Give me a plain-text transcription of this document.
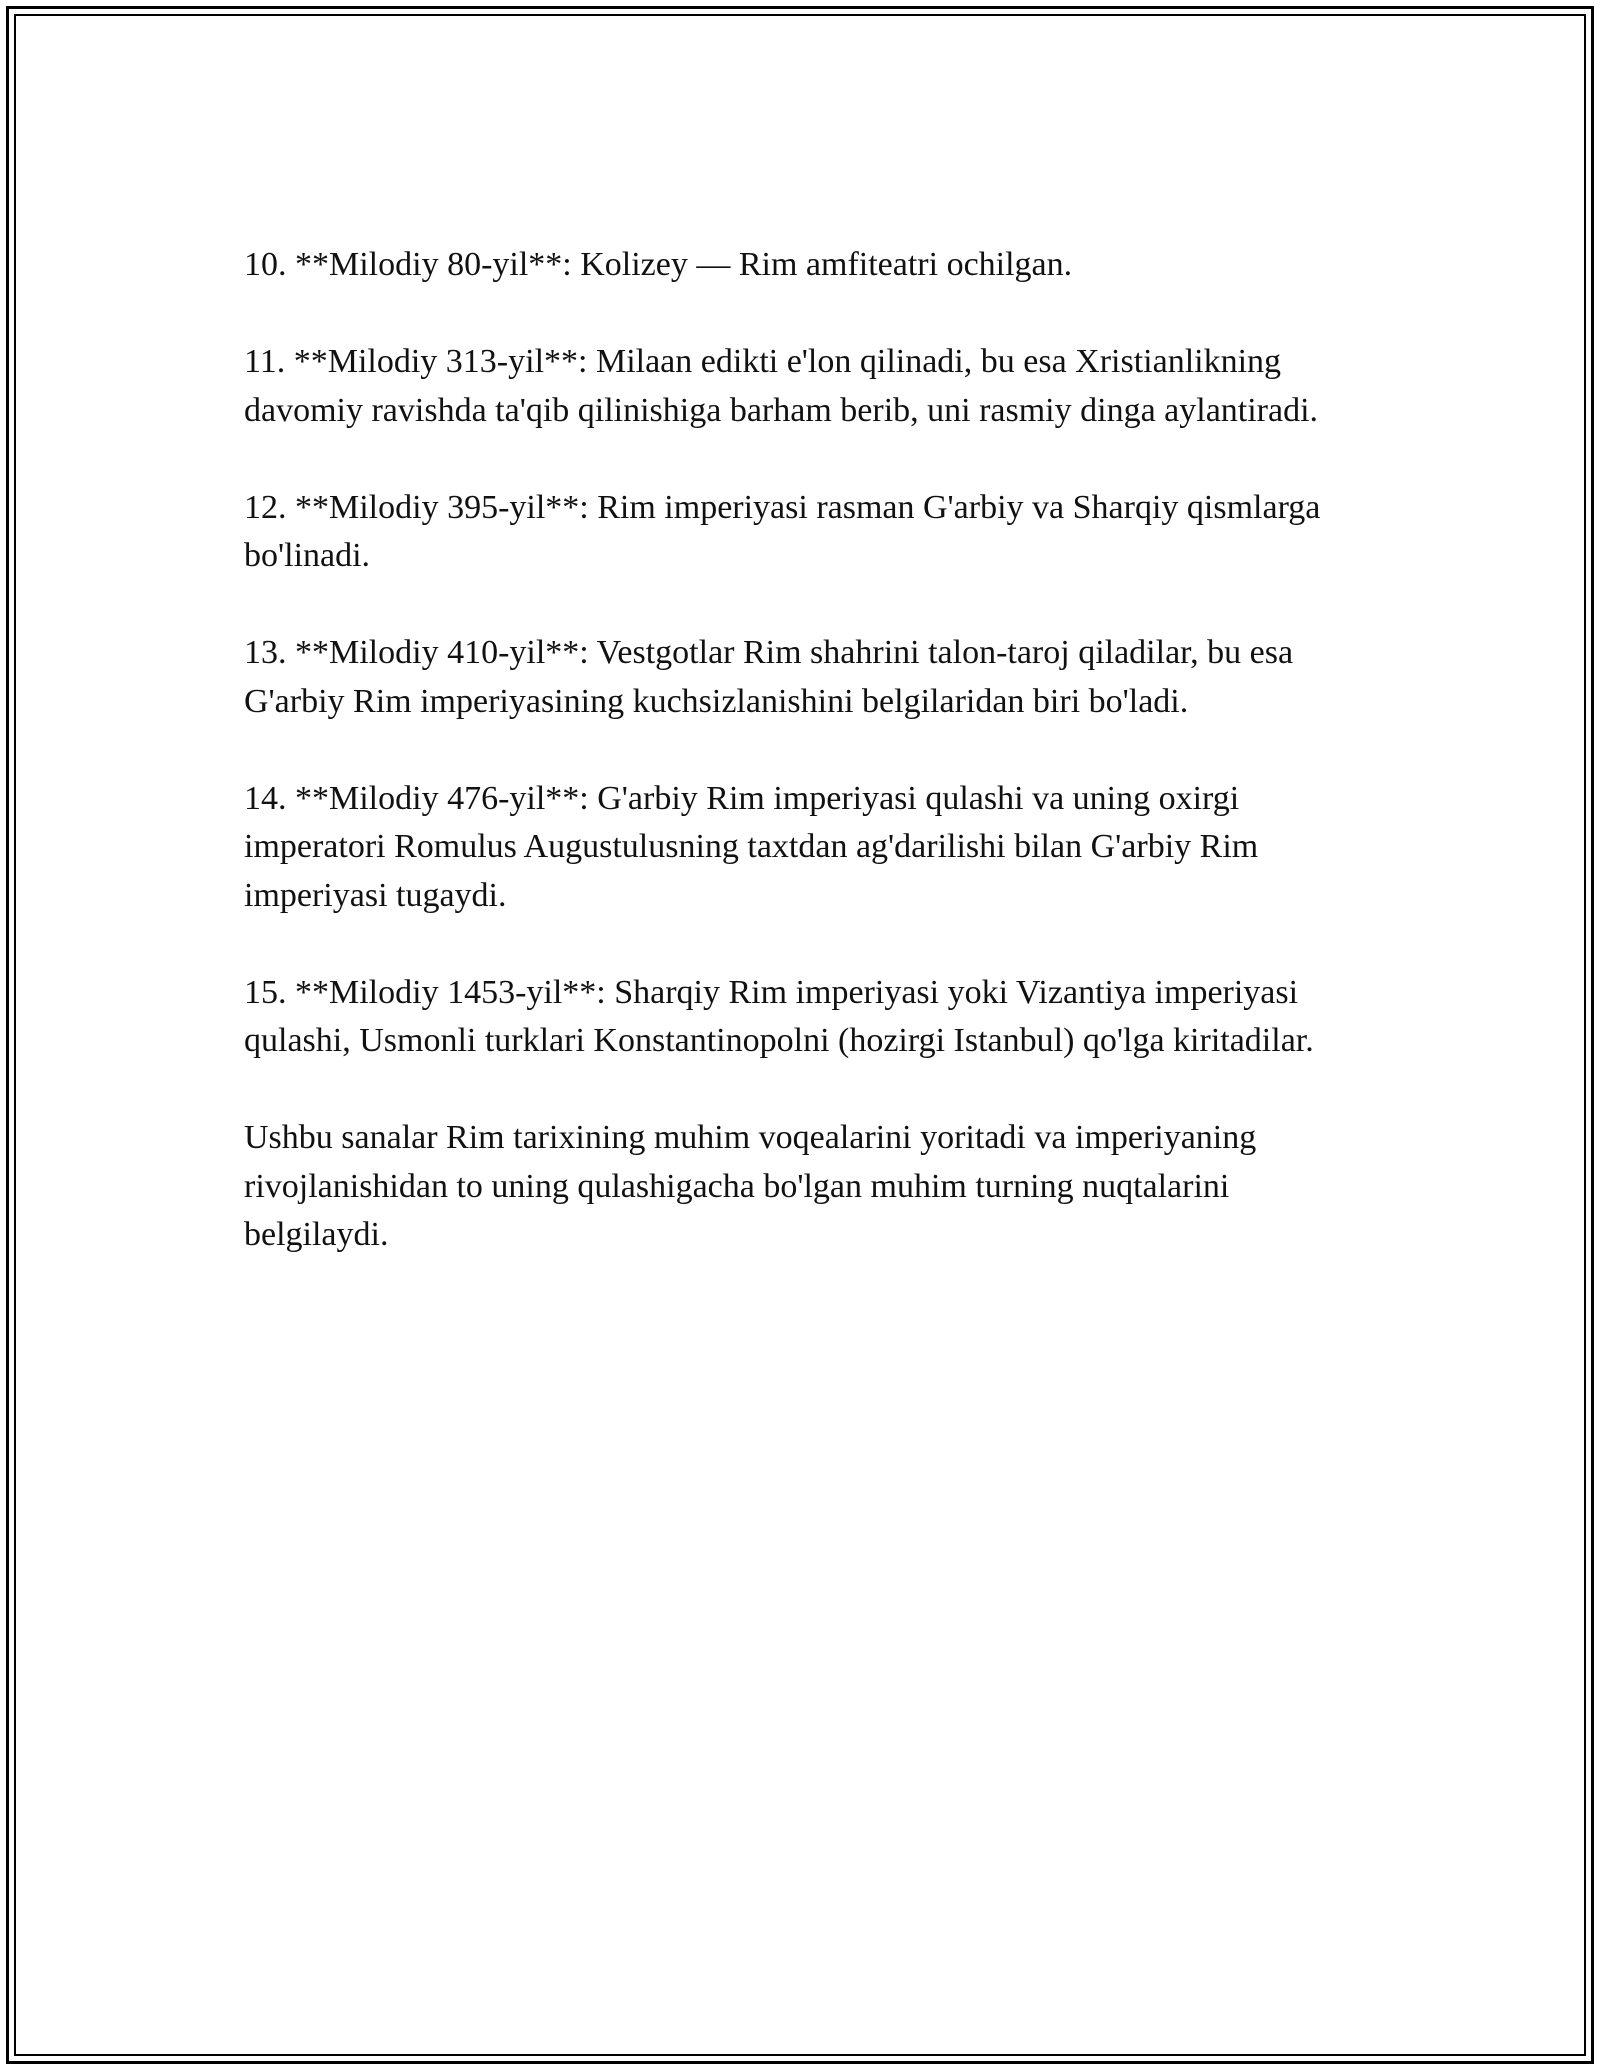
10. **Milodiy 80-yil**: Kolizey — Rim amfiteatri ochilgan.

11. **Milodiy 313-yil**: Milaan edikti e'lon qilinadi, bu esa Xristianlikning davomiy ravishda ta'qib qilinishiga barham berib, uni rasmiy dinga aylantiradi.

12. **Milodiy 395-yil**: Rim imperiyasi rasman G'arbiy va Sharqiy qismlarga bo'linadi.

13. **Milodiy 410-yil**: Vestgotlar Rim shahrini talon-taroj qiladilar, bu esa G'arbiy Rim imperiyasining kuchsizlanishini belgilaridan biri bo'ladi.

14. **Milodiy 476-yil**: G'arbiy Rim imperiyasi qulashi va uning oxirgi imperatori Romulus Augustulusning taxtdan ag'darilishi bilan G'arbiy Rim imperiyasi tugaydi.

15. **Milodiy 1453-yil**: Sharqiy Rim imperiyasi yoki Vizantiya imperiyasi qulashi, Usmonli turklari Konstantinopolni (hozirgi Istanbul) qo'lga kiritadilar.

Ushbu sanalar Rim tarixining muhim voqealarini yoritadi va imperiyaning rivojlanishidan to uning qulashigacha bo'lgan muhim turning nuqtalarini belgilaydi.
